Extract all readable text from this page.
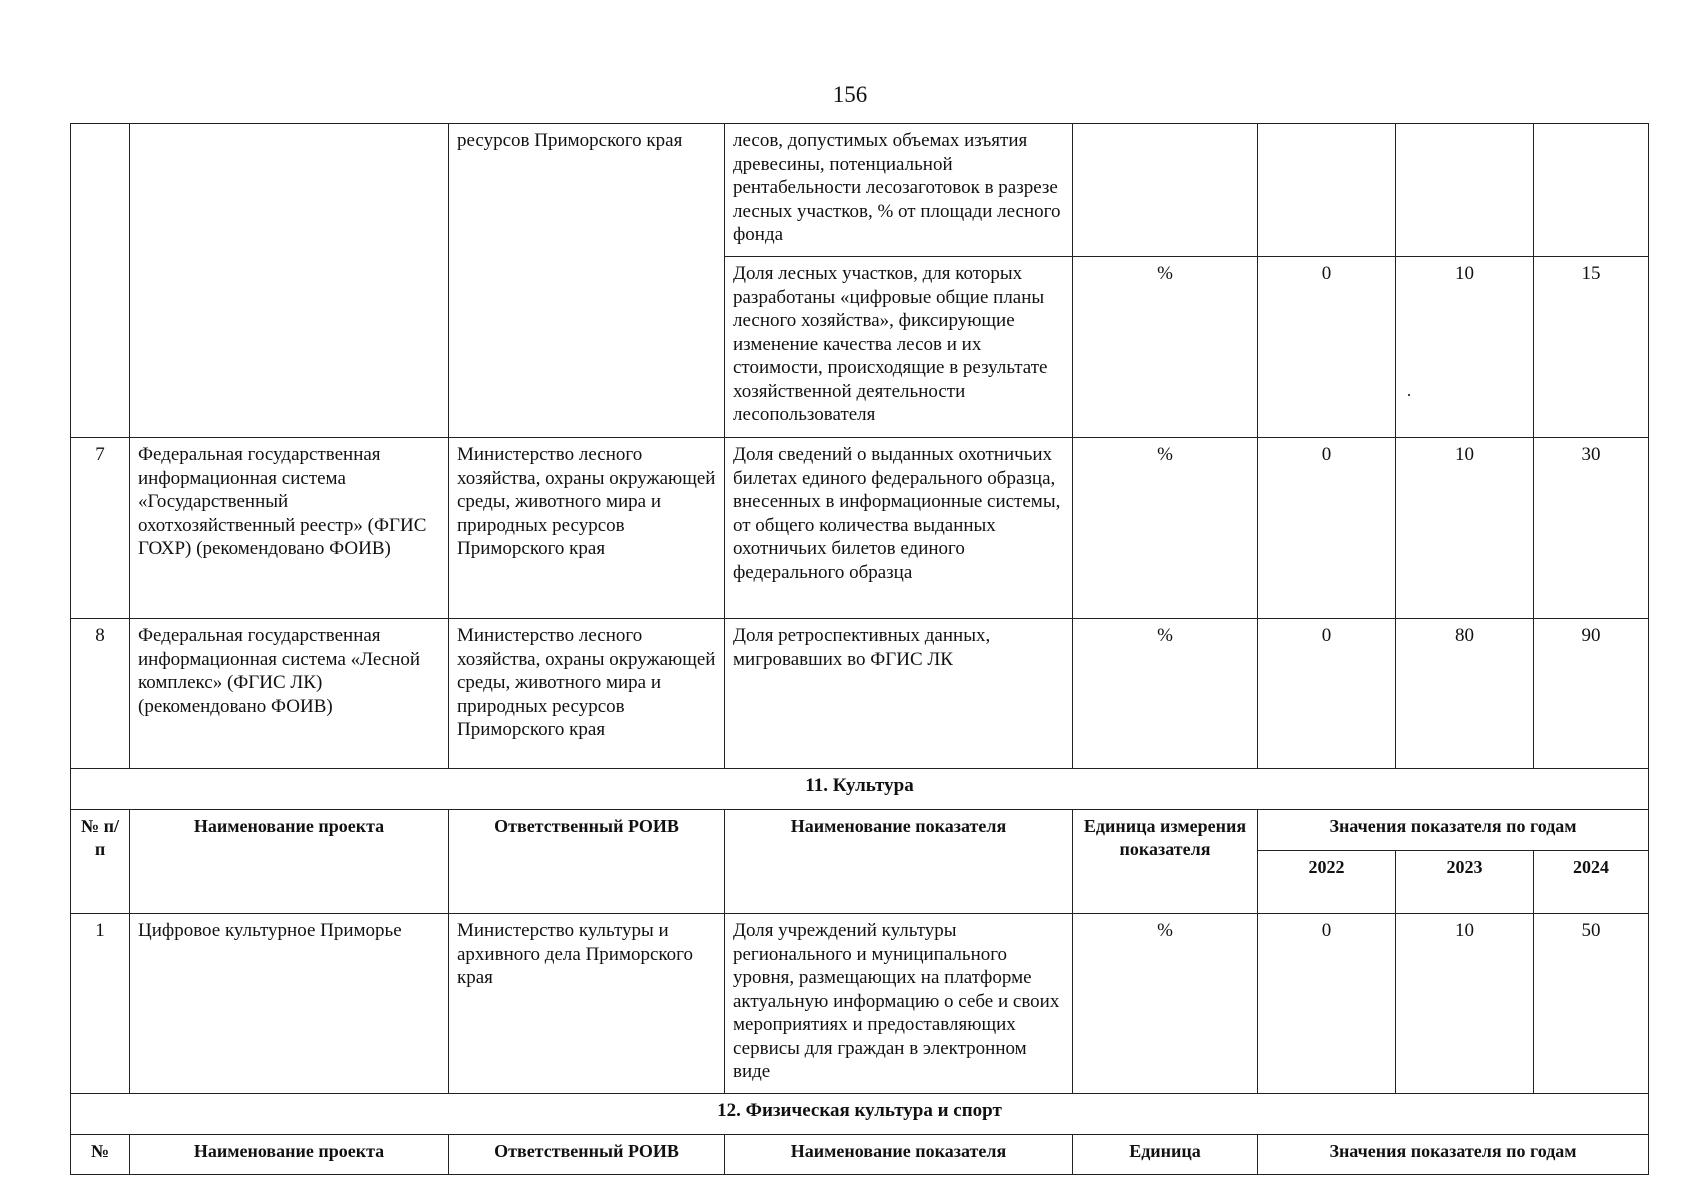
156
		ресурсов Приморского края	лесов, допустимых объемах изъятия древесины, потенциальной рентабельности лесозаготовок в разрезе лесных участков, % от площади лесного фонда				
			Доля лесных участков, для которых разработаны «цифровые общие планы лесного хозяйства», фиксирующие изменение качества лесов и их стоимости, происходящие в результате хозяйственной деятельности лесопользователя	%	0	10	15
7	Федеральная государственная информационная система «Государственный охотхозяйственный реестр» (ФГИС ГОХР) (рекомендовано ФОИВ)	Министерство лесного хозяйства, охраны окружающей среды, животного мира и природных ресурсов Приморского края	Доля сведений о выданных охотничьих билетах единого федерального образца, внесенных в информационные системы, от общего количества выданных охотничьих билетов единого федерального образца	%	0	10	30
8	Федеральная государственная информационная система «Лесной комплекс» (ФГИС ЛК) (рекомендовано ФОИВ)	Министерство лесного хозяйства, охраны окружающей среды, животного мира и природных ресурсов Приморского края	Доля ретроспективных данных, мигровавших во ФГИС ЛК	%	0	80	90
11. Культура							
№ п/п	Наименование проекта	Ответственный РОИВ	Наименование показателя	Единица измерения показателя	Значения показателя по годам		
					2022	2023	2024
1	Цифровое культурное Приморье	Министерство культуры и архивного дела Приморского края	Доля учреждений культуры регионального и муниципального уровня, размещающих на платформе актуальную информацию о себе и своих мероприятиях и предоставляющих сервисы для граждан в электронном виде	%	0	10	50
12. Физическая культура и спорт							
№	Наименование проекта	Ответственный РОИВ	Наименование показателя	Единица	Значения показателя по годам		
